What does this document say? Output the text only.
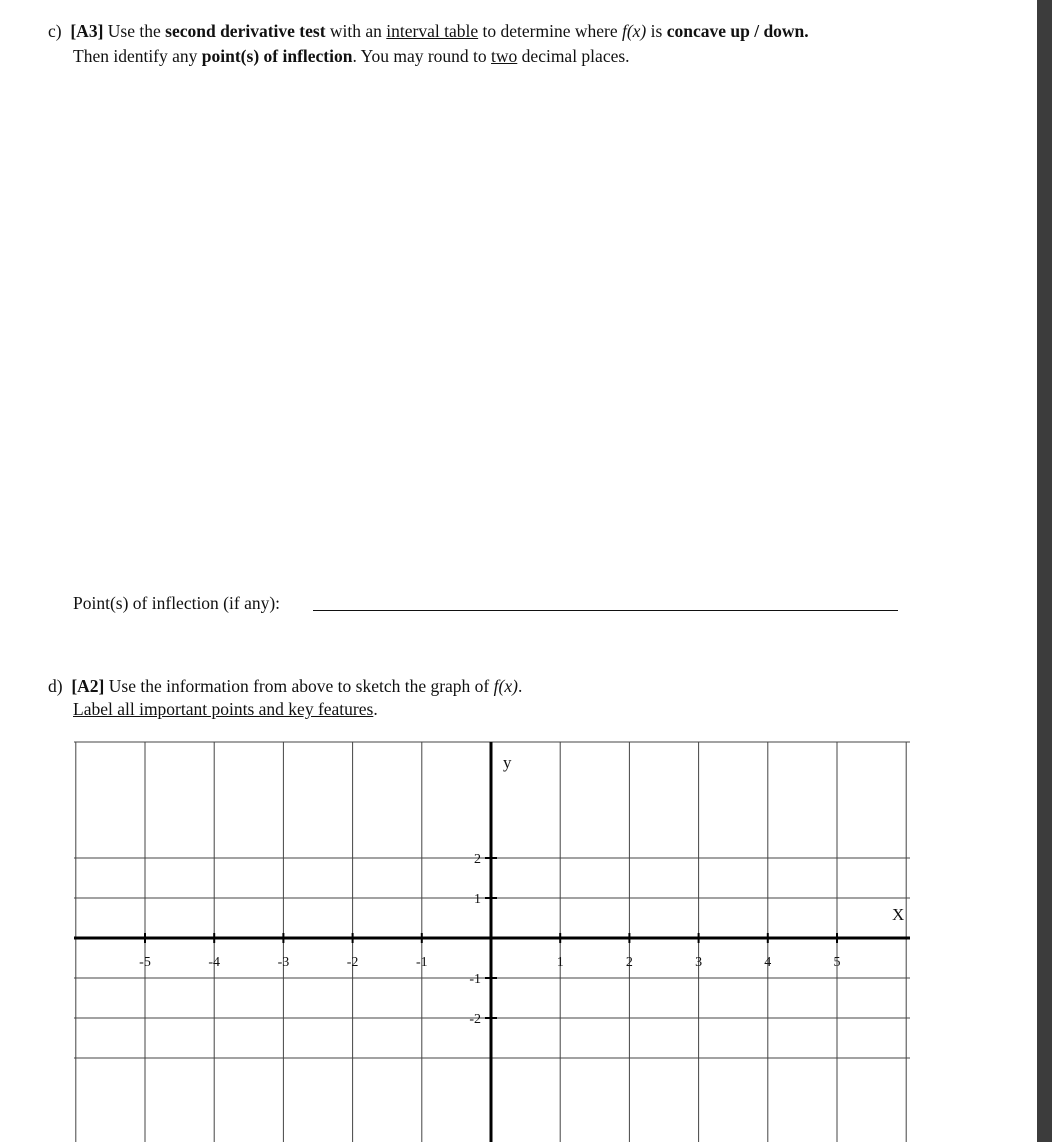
c) [A3] Use the second derivative test with an interval table to determine where f(x) is concave up / down.
Then identify any point(s) of inflection. You may round to two decimal places.
Point(s) of inflection (if any):
d) [A2] Use the information from above to sketch the graph of f(x).
Label all important points and key features.
-5	-4	-3	-2	-1	1	2	3	4	5
2
1
-1
-2
y
X
